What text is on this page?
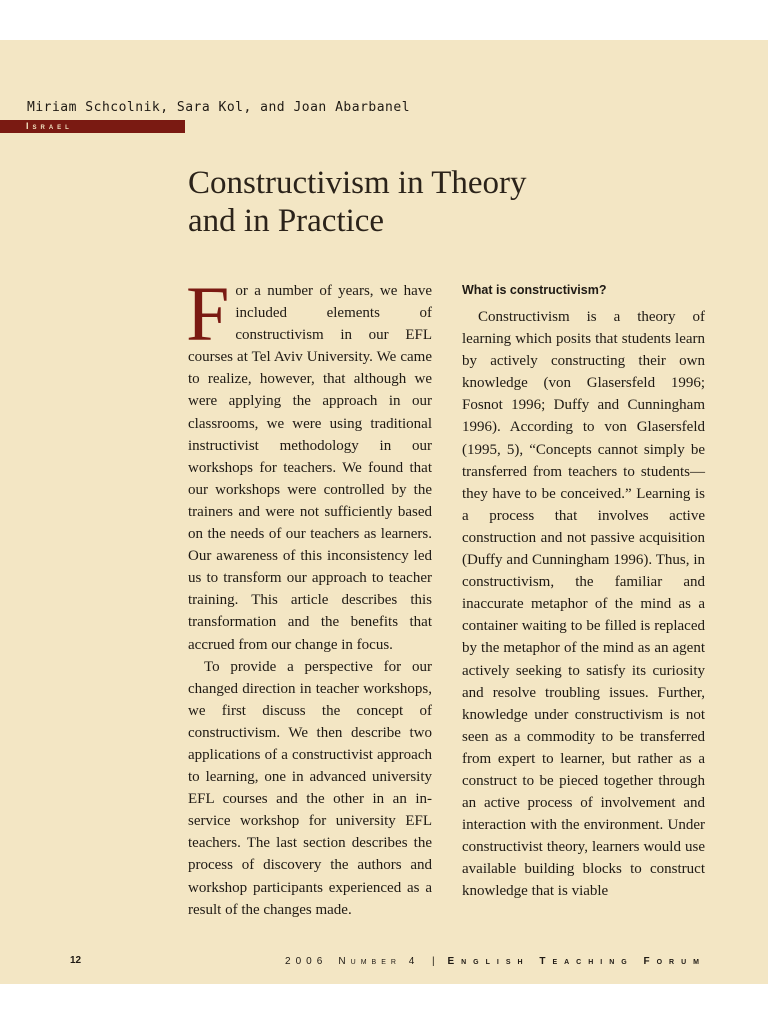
Miriam Schcolnik, Sara Kol, and Joan Abarbanel
Israel
Constructivism in Theory
and in Practice

For a number of years, we have included elements of constructivism in our EFL courses at Tel Aviv University. We came to realize, however, that although we were applying the approach in our classrooms, we were using traditional instructivist methodology in our workshops for teachers. We found that our workshops were controlled by the trainers and were not sufficiently based on the needs of our teachers as learners. Our awareness of this inconsistency led us to transform our approach to teacher training. This article describes this transformation and the benefits that accrued from our change in focus.

To provide a perspective for our changed direction in teacher workshops, we first discuss the concept of constructivism. We then describe two applications of a constructivist approach to learning, one in advanced university EFL courses and the other in an in-service workshop for university EFL teachers. The last section describes the process of discovery the authors and workshop participants experienced as a result of the changes made.

What is constructivism?

Constructivism is a theory of learning which posits that students learn by actively constructing their own knowledge (von Glasersfeld 1996; Fosnot 1996; Duffy and Cunningham 1996). According to von Glasersfeld (1995, 5), “Concepts cannot simply be transferred from teachers to students—they have to be conceived.” Learning is a process that involves active construction and not passive acquisition (Duffy and Cunningham 1996). Thus, in constructivism, the familiar and inaccurate metaphor of the mind as a container waiting to be filled is replaced by the metaphor of the mind as an agent actively seeking to satisfy its curiosity and resolve troubling issues. Further, knowledge under constructivism is not seen as a commodity to be transferred from expert to learner, but rather as a construct to be pieced together through an active process of involvement and interaction with the environment. Under constructivist theory, learners would use available building blocks to construct knowledge that is viable

12	2006 Number 4 | English Teaching Forum
